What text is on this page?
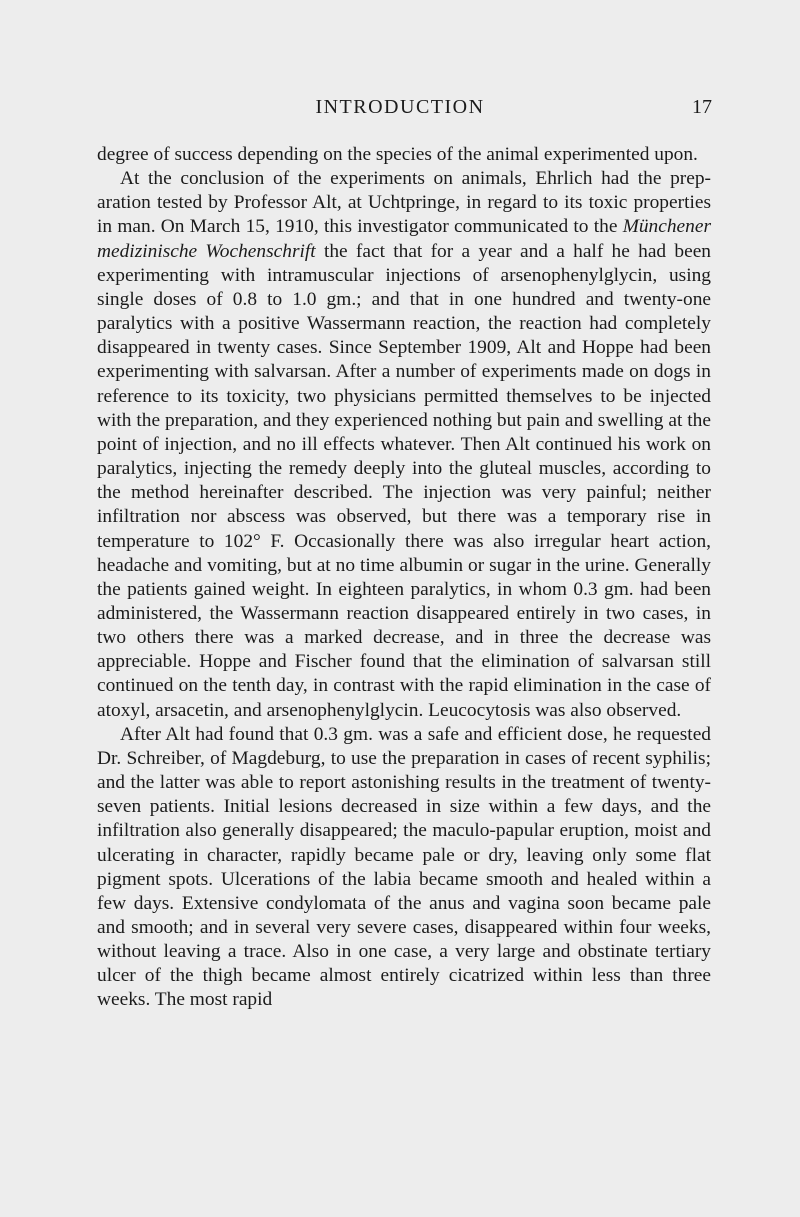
INTRODUCTION	17

degree of success depending on the species of the animal experimented upon.

At the conclusion of the experiments on animals, Ehrlich had the preparation tested by Professor Alt, at Uchtpringe, in regard to its toxic properties in man. On March 15, 1910, this investigator communicated to the Münchener medizinische Wochenschrift the fact that for a year and a half he had been experimenting with intramuscular injections of arsenophenylglycin, using single doses of 0.8 to 1.0 gm.; and that in one hundred and twenty-one paralytics with a positive Wassermann reaction, the reaction had completely disappeared in twenty cases. Since September 1909, Alt and Hoppe had been experimenting with salvarsan. After a number of experiments made on dogs in reference to its toxicity, two physicians permitted themselves to be injected with the preparation, and they experienced nothing but pain and swelling at the point of injection, and no ill effects whatever. Then Alt continued his work on paralytics, injecting the remedy deeply into the gluteal muscles, according to the method hereinafter described. The injection was very painful; neither infiltration nor abscess was observed, but there was a temporary rise in temperature to 102° F. Occasionally there was also irregular heart action, headache and vomiting, but at no time albumin or sugar in the urine. Generally the patients gained weight. In eighteen paralytics, in whom 0.3 gm. had been administered, the Wassermann reaction disappeared entirely in two cases, in two others there was a marked decrease, and in three the decrease was appreciable. Hoppe and Fischer found that the elimination of salvarsan still continued on the tenth day, in contrast with the rapid elimination in the case of atoxyl, arsacetin, and arsenophenylglycin. Leucocytosis was also observed.

After Alt had found that 0.3 gm. was a safe and efficient dose, he requested Dr. Schreiber, of Magdeburg, to use the preparation in cases of recent syphilis; and the latter was able to report astonishing results in the treatment of twenty-seven patients. Initial lesions decreased in size within a few days, and the infiltration also generally disappeared; the maculo-papular eruption, moist and ulcerating in character, rapidly became pale or dry, leaving only some flat pigment spots. Ulcerations of the labia became smooth and healed within a few days. Extensive condylomata of the anus and vagina soon became pale and smooth; and in several very severe cases, disappeared within four weeks, without leaving a trace. Also in one case, a very large and obstinate tertiary ulcer of the thigh became almost entirely cicatrized within less than three weeks. The most rapid
